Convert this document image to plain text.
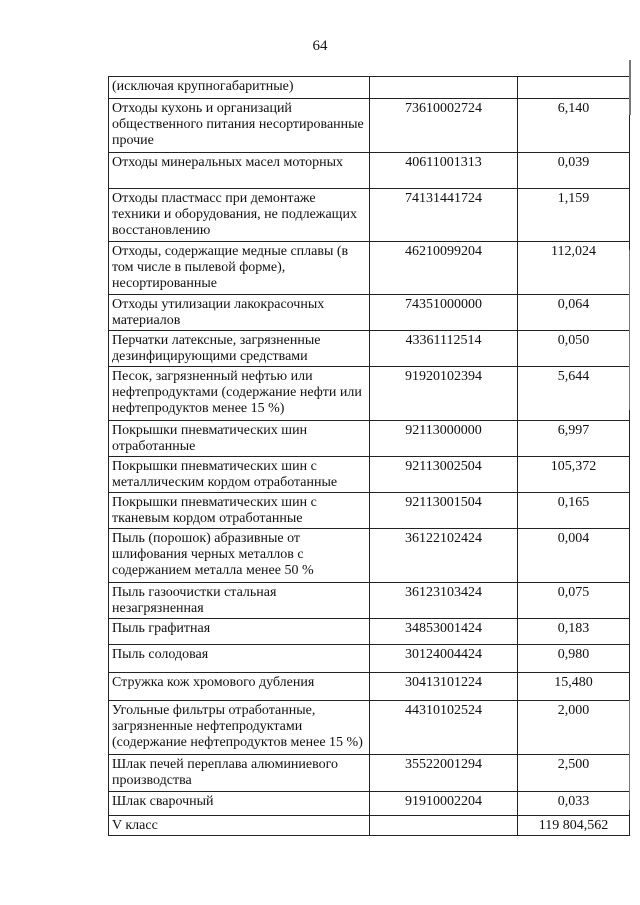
64
(исключая крупногабаритные)		
Отходы кухонь и организаций общественного питания несортированные прочие	73610002724	6,140
Отходы минеральных масел моторных	40611001313	0,039
Отходы пластмасс при демонтаже техники и оборудования, не подлежащих восстановлению	74131441724	1,159
Отходы, содержащие медные сплавы (в том числе в пылевой форме), несортированные	46210099204	112,024
Отходы утилизации лакокрасочных материалов	74351000000	0,064
Перчатки латексные, загрязненные дезинфицирующими средствами	43361112514	0,050
Песок, загрязненный нефтью или нефтепродуктами (содержание нефти или нефтепродуктов менее 15 %)	91920102394	5,644
Покрышки пневматических шин отработанные	92113000000	6,997
Покрышки пневматических шин с металлическим кордом отработанные	92113002504	105,372
Покрышки пневматических шин с тканевым кордом отработанные	92113001504	0,165
Пыль (порошок) абразивные от шлифования черных металлов с содержанием металла менее 50 %	36122102424	0,004
Пыль газоочистки стальная незагрязненная	36123103424	0,075
Пыль графитная	34853001424	0,183
Пыль солодовая	30124004424	0,980
Стружка кож хромового дубления	30413101224	15,480
Угольные фильтры отработанные, загрязненные нефтепродуктами (содержание нефтепродуктов менее 15 %)	44310102524	2,000
Шлак печей переплава алюминиевого производства	35522001294	2,500
Шлак сварочный	91910002204	0,033
V класс		119 804,562
